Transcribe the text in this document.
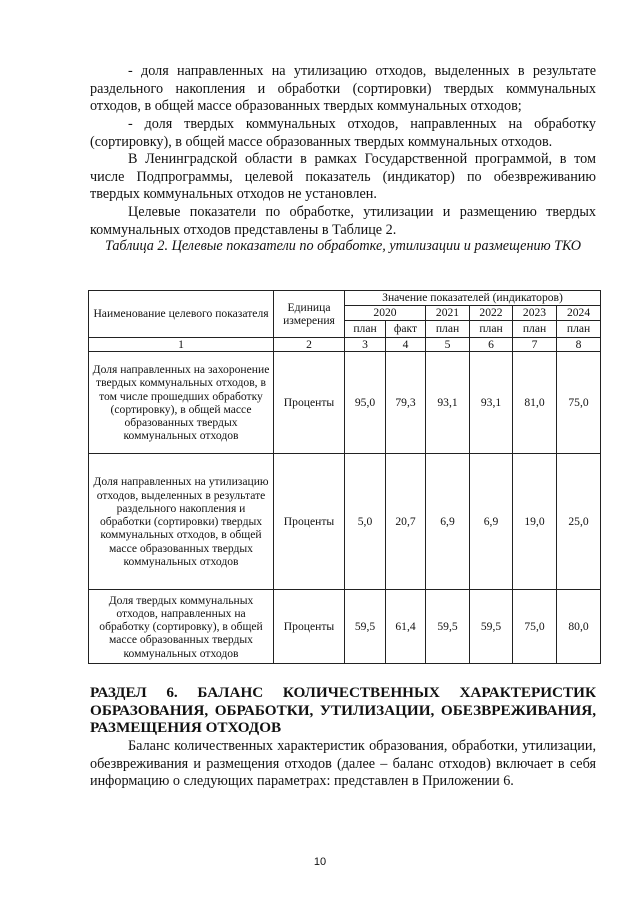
- доля направленных на утилизацию отходов, выделенных в результате раздельного накопления и обработки (сортировки) твердых коммунальных отходов, в общей массе образованных твердых коммунальных отходов;

- доля твердых коммунальных отходов, направленных на обработку (сортировку), в общей массе образованных твердых коммунальных отходов.

В Ленинградской области в рамках Государственной программой, в том числе Подпрограммы, целевой показатель (индикатор) по обезвреживанию твердых коммунальных отходов не установлен.

Целевые показатели по обработке, утилизации и размещению твердых коммунальных отходов представлены в Таблице 2.

Таблица 2. Целевые показатели по обработке, утилизации и размещению ТКО

Наименование целевого показателя	Единица измерения	Значение показателей (индикаторов)					
		2020		2021	2022	2023	2024
		план	факт	план	план	план	план
1	2	3	4	5	6	7	8
Доля направленных на захоронение твердых коммунальных отходов, в том числе прошедших обработку (сортировку), в общей массе образованных твердых коммунальных отходов	Проценты	95,0	79,3	93,1	93,1	81,0	75,0
Доля направленных на утилизацию отходов, выделенных в результате раздельного накопления и обработки (сортировки) твердых коммунальных отходов, в общей массе образованных твердых коммунальных отходов	Проценты	5,0	20,7	6,9	6,9	19,0	25,0
Доля твердых коммунальных отходов, направленных на обработку (сортировку), в общей массе образованных твердых коммунальных отходов	Проценты	59,5	61,4	59,5	59,5	75,0	80,0

РАЗДЕЛ 6. БАЛАНС КОЛИЧЕСТВЕННЫХ ХАРАКТЕРИСТИК ОБРАЗОВАНИЯ, ОБРАБОТКИ, УТИЛИЗАЦИИ, ОБЕЗВРЕЖИВАНИЯ, РАЗМЕЩЕНИЯ ОТХОДОВ

Баланс количественных характеристик образования, обработки, утилизации, обезвреживания и размещения отходов (далее – баланс отходов) включает в себя информацию о следующих параметрах: представлен в Приложении 6.

10
